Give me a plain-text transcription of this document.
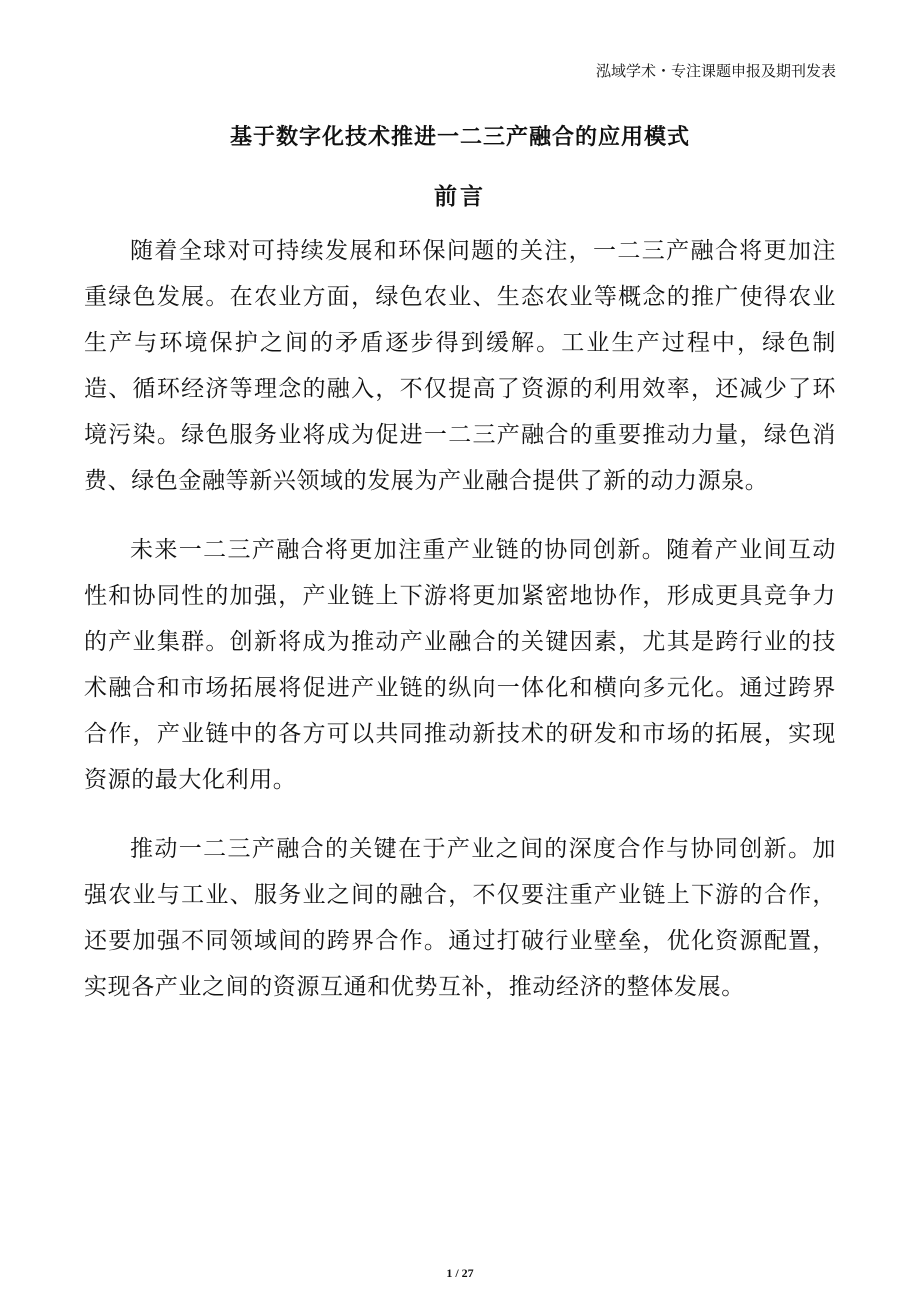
泓域学术・专注课题申报及期刊发表
基于数字化技术推进一二三产融合的应用模式
前言

随着全球对可持续发展和环保问题的关注，一二三产融合将更加注重绿色发展。在农业方面，绿色农业、生态农业等概念的推广使得农业生产与环境保护之间的矛盾逐步得到缓解。工业生产过程中，绿色制造、循环经济等理念的融入，不仅提高了资源的利用效率，还减少了环境污染。绿色服务业将成为促进一二三产融合的重要推动力量，绿色消费、绿色金融等新兴领域的发展为产业融合提供了新的动力源泉。

未来一二三产融合将更加注重产业链的协同创新。随着产业间互动性和协同性的加强，产业链上下游将更加紧密地协作，形成更具竞争力的产业集群。创新将成为推动产业融合的关键因素，尤其是跨行业的技术融合和市场拓展将促进产业链的纵向一体化和横向多元化。通过跨界合作，产业链中的各方可以共同推动新技术的研发和市场的拓展，实现资源的最大化利用。

推动一二三产融合的关键在于产业之间的深度合作与协同创新。加强农业与工业、服务业之间的融合，不仅要注重产业链上下游的合作，还要加强不同领域间的跨界合作。通过打破行业壁垒，优化资源配置，实现各产业之间的资源互通和优势互补，推动经济的整体发展。

1 / 27
